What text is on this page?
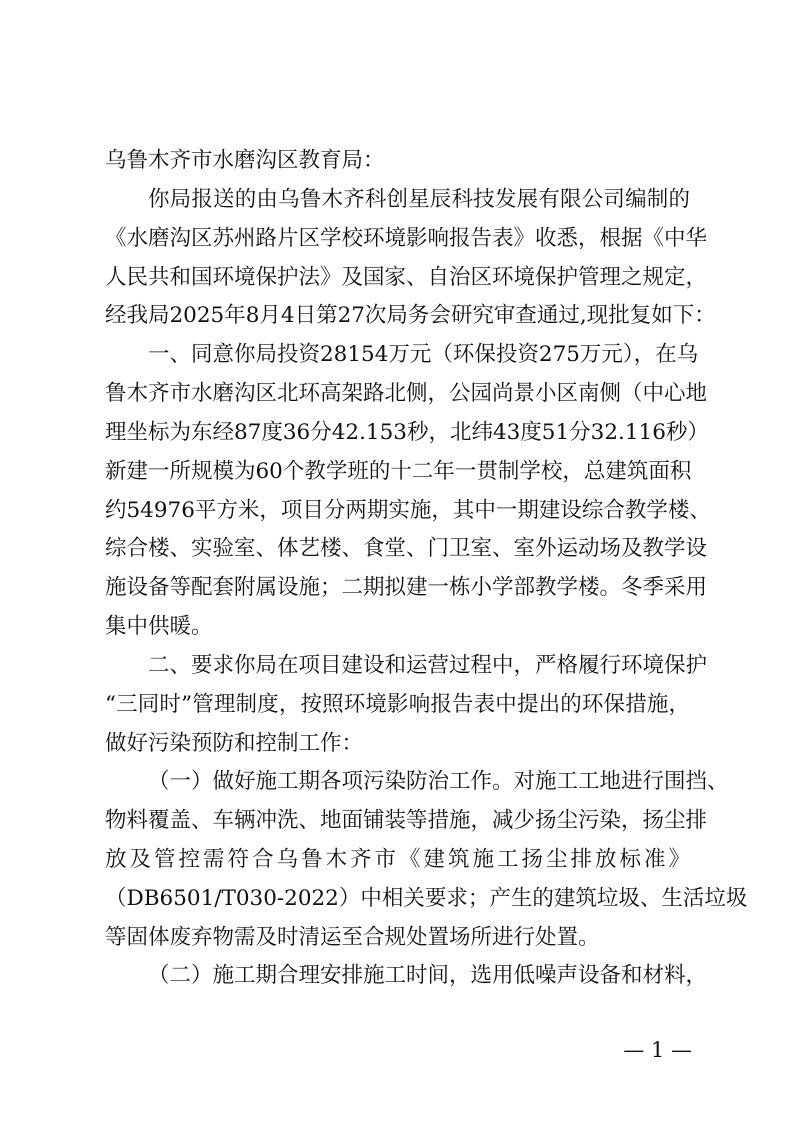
乌鲁木齐市水磨沟区教育局：
你局报送的由乌鲁木齐科创星辰科技发展有限公司编制的
《水磨沟区苏州路片区学校环境影响报告表》收悉，根据《中华
人民共和国环境保护法》及国家、自治区环境保护管理之规定，
经我局2025年8月4日第27次局务会研究审查通过,现批复如下：
一、同意你局投资28154万元（环保投资275万元），在乌
鲁木齐市水磨沟区北环高架路北侧，公园尚景小区南侧（中心地
理坐标为东经87度36分42.153秒，北纬43度51分32.116秒）
新建一所规模为60个教学班的十二年一贯制学校，总建筑面积
约54976平方米，项目分两期实施，其中一期建设综合教学楼、
综合楼、实验室、体艺楼、食堂、门卫室、室外运动场及教学设
施设备等配套附属设施；二期拟建一栋小学部教学楼。冬季采用
集中供暖。
二、要求你局在项目建设和运营过程中，严格履行环境保护
“三同时”管理制度，按照环境影响报告表中提出的环保措施，
做好污染预防和控制工作：
（一）做好施工期各项污染防治工作。对施工工地进行围挡、
物料覆盖、车辆冲洗、地面铺装等措施，减少扬尘污染，扬尘排
放及管控需符合乌鲁木齐市《建筑施工扬尘排放标准》
（DB6501/T030-2022）中相关要求；产生的建筑垃圾、生活垃圾
等固体废弃物需及时清运至合规处置场所进行处置。
（二）施工期合理安排施工时间，选用低噪声设备和材料，
— 1 —
